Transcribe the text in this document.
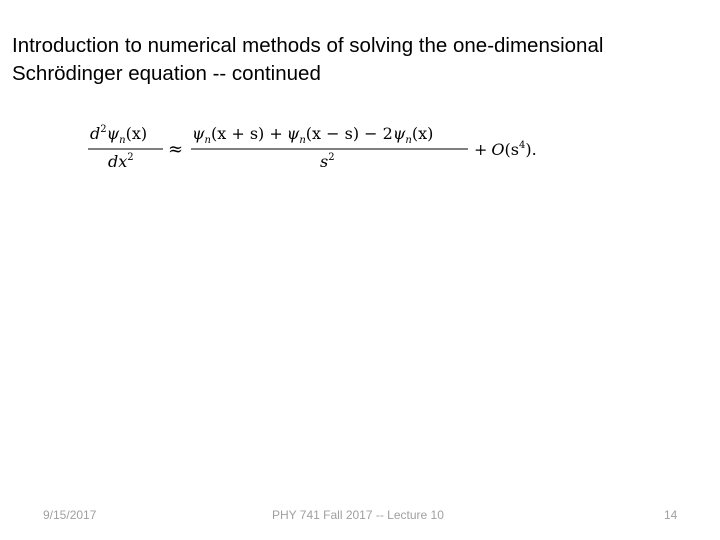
Introduction to numerical methods of solving the one-dimensional
Schrödinger equation -- continued
$d^2\psi_n(x)$
$dx^2$ ≈
$\psi_n(x + s) + \psi_n(x - s) - 2\psi_n(x)$
$s^2$	+ $O(s^4)$.
9/15/2017	PHY 741 Fall 2017 -- Lecture 10	14
